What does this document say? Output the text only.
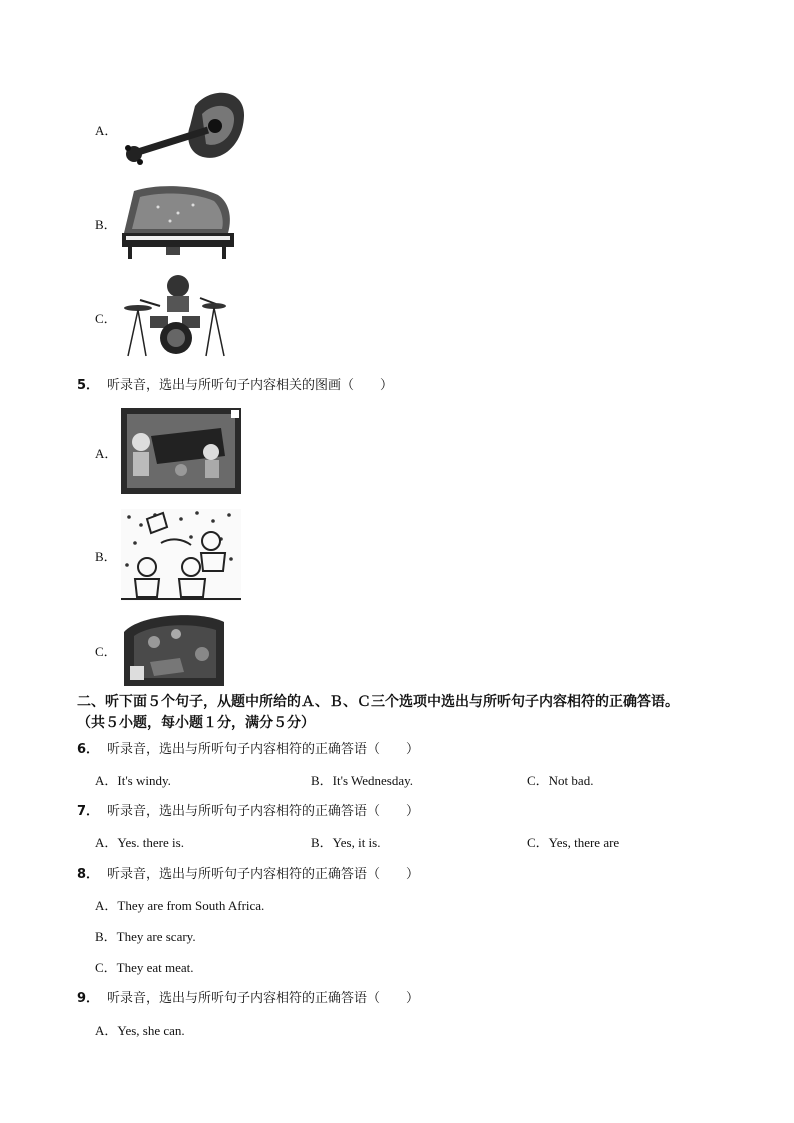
A．
B．
C．
5． 听录音，选出与所听句子内容相关的图画（　　）
A．
B．
C．
二、听下面５个句子，从题中所给的Ａ、Ｂ、Ｃ三个选项中选出与所听句子内容相符的正确答语。
（共５小题，每小题１分，满分５分）
6． 听录音，选出与所听句子内容相符的正确答语（　　）
A．It's windy.	B．It's Wednesday.	C．Not bad.
7． 听录音，选出与所听句子内容相符的正确答语（　　）
A．Yes. there is.	B．Yes, it is.	C．Yes, there are
8． 听录音，选出与所听句子内容相符的正确答语（　　）
A．They are from South Africa.
B．They are scary.
C．They eat meat.
9． 听录音，选出与所听句子内容相符的正确答语（　　）
A．Yes, she can.
